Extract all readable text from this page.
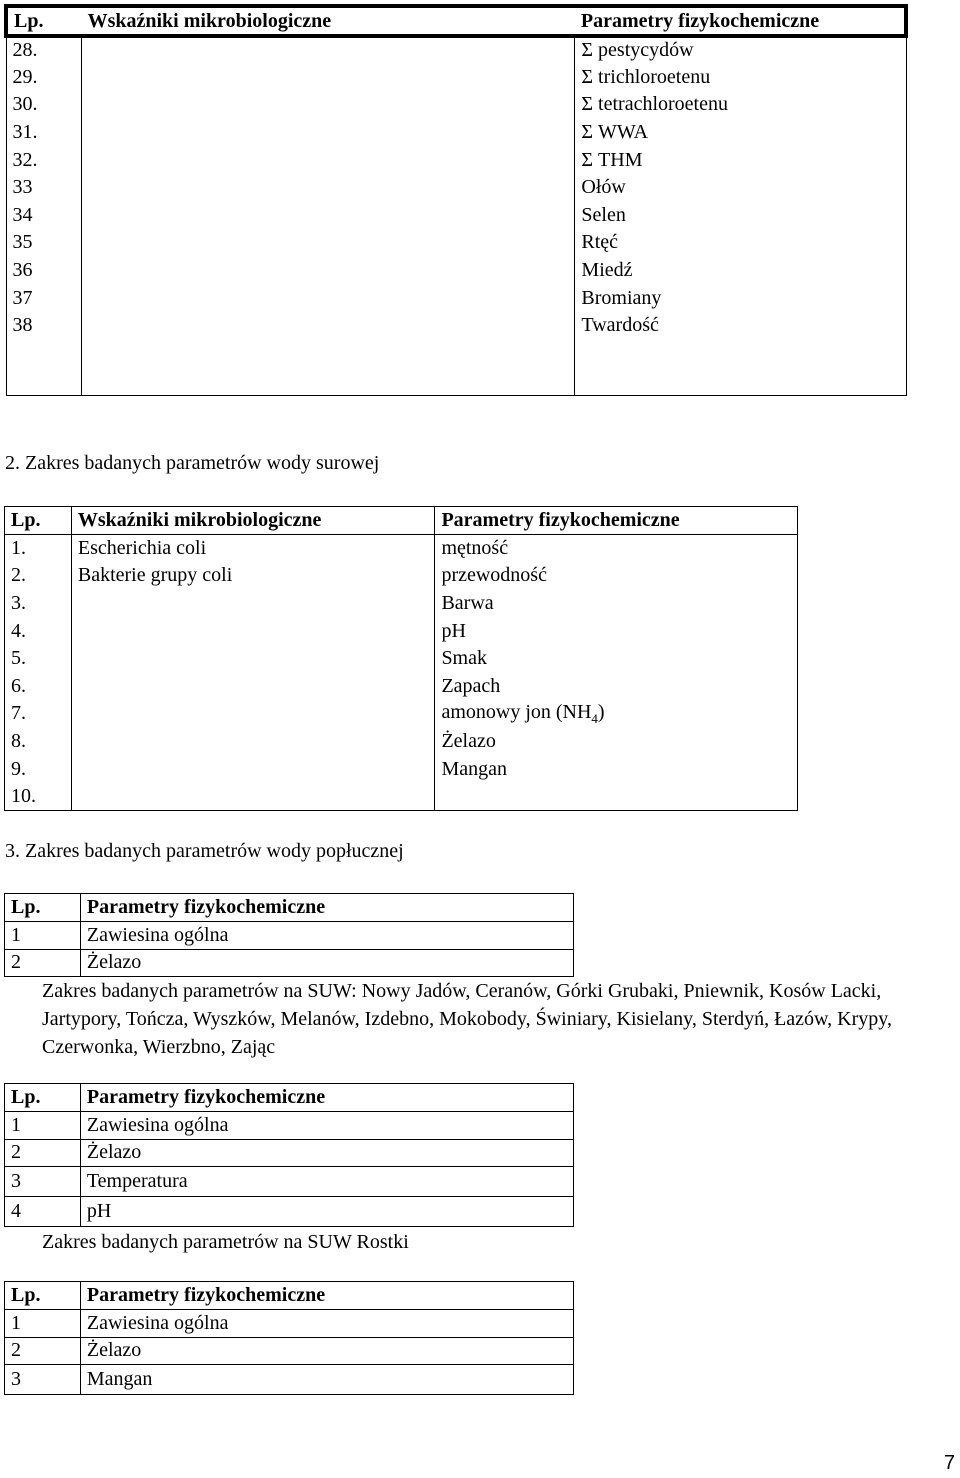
Lp.	Wskaźniki mikrobiologiczne	Parametry fizykochemiczne
28.		Σ pestycydów
29.		Σ trichloroetenu
30.		Σ tetrachloroetenu
31.		Σ WWA
32.		Σ THM
33		Ołów
34		Selen
35		Rtęć
36		Miedź
37		Bromiany
38		Twardość

2. Zakres badanych parametrów wody surowej
Lp.	Wskaźniki mikrobiologiczne	Parametry fizykochemiczne
1.	Escherichia coli	mętność
2.	Bakterie grupy coli	przewodność
3.		Barwa
4.		pH
5.		Smak
6.		Zapach
7.		amonowy jon $(NH_4)$
8.		Żelazo
9.		Mangan
10.		
3. Zakres badanych parametrów wody popłucznej
Lp.	Parametry fizykochemiczne
1	Zawiesina ogólna
2	Żelazo
Zakres badanych parametrów na SUW: Nowy Jadów, Ceranów, Górki Grubaki, Pniewnik, Kosów Lacki, Jartypory, Tończa, Wyszków, Melanów, Izdebno, Mokobody, Świniary, Kisielany, Sterdyń, Łazów, Krypy, Czerwonka, Wierzbno, Zając
Lp.	Parametry fizykochemiczne
1	Zawiesina ogólna
2	Żelazo
3	Temperatura
4	pH
Zakres badanych parametrów na SUW Rostki
Lp.	Parametry fizykochemiczne
1	Zawiesina ogólna
2	Żelazo
3	Mangan
7
